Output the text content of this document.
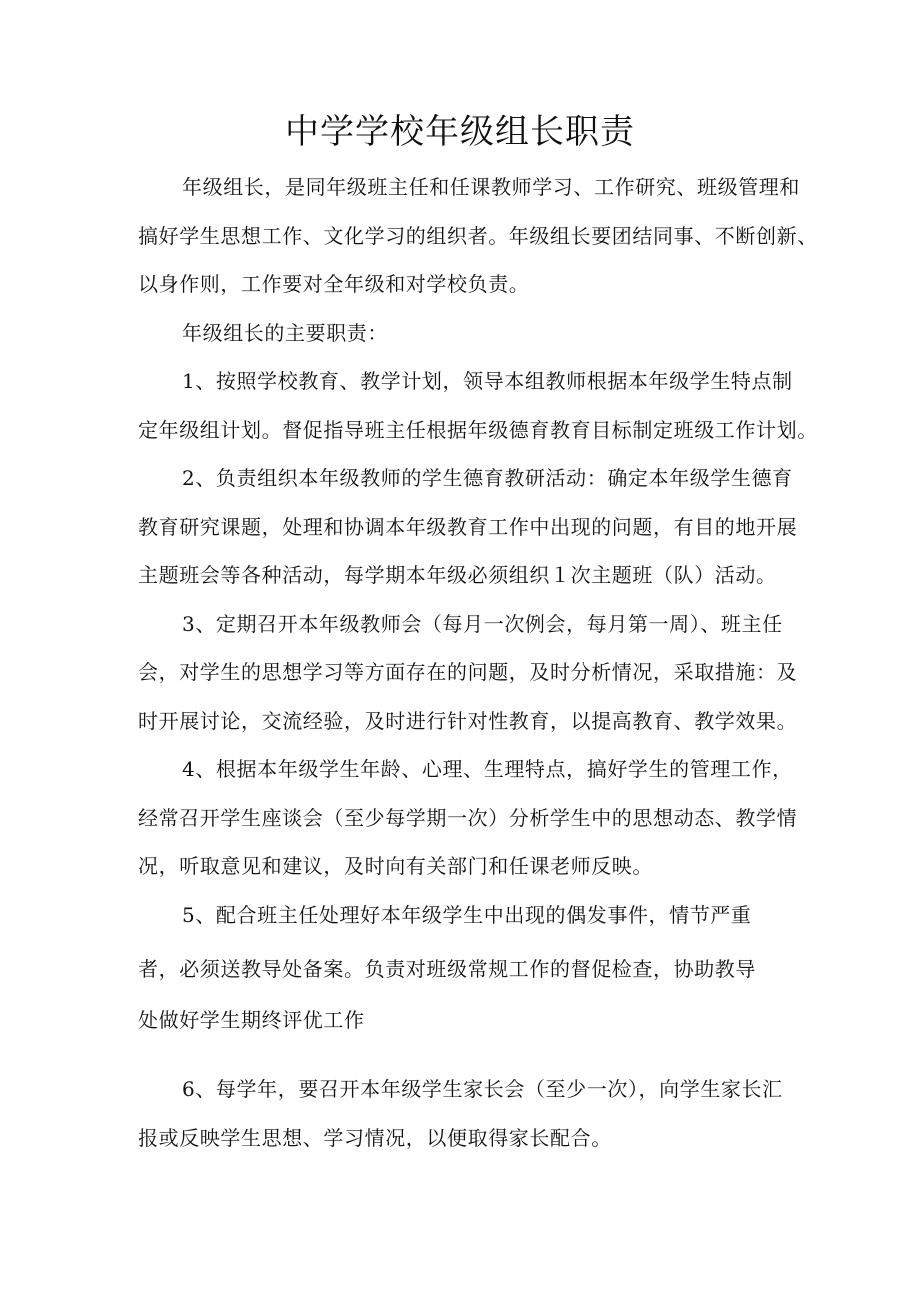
中学学校年级组长职责
年级组长，是同年级班主任和任课教师学习、工作研究、班级管理和
搞好学生思想工作、文化学习的组织者。年级组长要团结同事、不断创新、
以身作则，工作要对全年级和对学校负责。
年级组长的主要职责：
1、按照学校教育、教学计划，领导本组教师根据本年级学生特点制
定年级组计划。督促指导班主任根据年级德育教育目标制定班级工作计划。
2、负责组织本年级教师的学生德育教研活动：确定本年级学生德育
教育研究课题，处理和协调本年级教育工作中出现的问题，有目的地开展
主题班会等各种活动，每学期本年级必须组织１次主题班（队）活动。
3、定期召开本年级教师会（每月一次例会，每月第一周）、班主任
会，对学生的思想学习等方面存在的问题，及时分析情况，采取措施：及
时开展讨论，交流经验，及时进行针对性教育，以提高教育、教学效果。
4、根据本年级学生年龄、心理、生理特点，搞好学生的管理工作，
经常召开学生座谈会（至少每学期一次）分析学生中的思想动态、教学情
况，听取意见和建议，及时向有关部门和任课老师反映。
5、配合班主任处理好本年级学生中出现的偶发事件，情节严重
者，必须送教导处备案。负责对班级常规工作的督促检查，协助教导
处做好学生期终评优工作
6、每学年，要召开本年级学生家长会（至少一次），向学生家长汇
报或反映学生思想、学习情况，以便取得家长配合。
